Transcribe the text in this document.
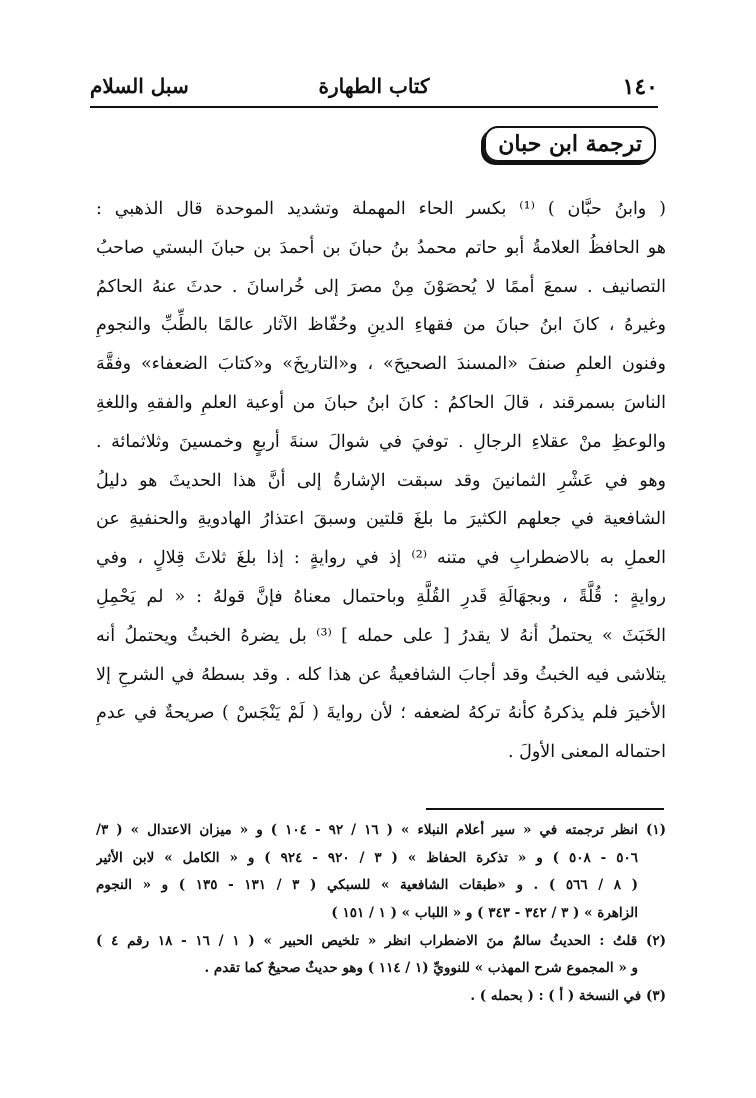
١٤٠
كتاب الطهارة
سبل السلام
ترجمة ابن حبان
( وابنُ حبَّان ) ⁽¹⁾ بكسر الحاء المهملة وتشديد الموحدة قال الذهبي :
هو الحافظُ العلامةُ أبو حاتم محمدُ بنُ حبانَ بن أحمدَ بن حبانَ البستي صاحبُ
التصانيف . سمعَ أممًا لا يُحصَوْنَ مِنْ مصرَ إلى خُراسانَ . حدثَ عنهُ الحاكمُ
وغيرهُ ، كانَ ابنُ حبانَ من فقهاءِ الدينِ وحُفّاظ الآثار عالمًا بالطِّبِّ والنجومِ
وفنون العلمِ صنفَ «المسندَ الصحيحَ» ، و«التاريخَ» و«كتابَ الضعفاء» وفقَّهَ
الناسَ بسمرقند ، قالَ الحاكمُ : كانَ ابنُ حبانَ من أوعية العلمِ والفقهِ واللغةِ
والوعظِ منْ عقلاءِ الرجالِ . توفيَ في شوالَ سنةَ أربعٍ وخمسينَ وثلاثمائة .
وهو في عَشْرِ الثمانينَ وقد سبقت الإشارةُ إلى أنَّ هذا الحديثَ هو دليلُ
الشافعية في جعلهم الكثيرَ ما بلغَ قلتين وسبقَ اعتذارُ الهادويةِ والحنفيةِ عن
العملِ به بالاضطرابِ في متنه ⁽²⁾ إذ في روايةٍ : إذا بلغَ ثلاثَ قِلالٍ ، وفي
روايةٍ : قُلَّةً ، وبجهَالَةِ قَدرِ القُلَّةِ وباحتمال معناهُ فإنَّ قولهُ : « لم يَحْمِلِ
الخَبَثَ » يحتملُ أنهُ لا يقدرُ [ على حمله ] ⁽³⁾ بل يضرهُ الخبثُ ويحتملُ أنه
يتلاشى فيه الخبثُ وقد أجابَ الشافعيةُ عن هذا كله . وقد بسطهُ في الشرحِ إلا
الأخيرَ فلم يذكرهُ كأنهُ تركهُ لضعفه ؛ لأن روايةَ ( لَمْ يَنْجَسْ ) صريحةٌ في عدمِ
احتماله المعنى الأولَ .
(١) انظر ترجمته في « سير أعلام النبلاء » ( ١٦ / ٩٢ - ١٠٤ ) و « ميزان الاعتدال » ( ٣/
٥٠٦ - ٥٠٨ ) و « تذكرة الحفاظ » ( ٣ / ٩٢٠ - ٩٢٤ ) و « الكامل » لابن الأثير
( ٨ / ٥٦٦ ) . و «طبقات الشافعية » للسبكي ( ٣ / ١٣١ - ١٣٥ ) و « النجوم
الزاهرة » ( ٣ / ٣٤٢ - ٣٤٣ ) و « اللباب » ( ١ / ١٥١ )
(٢) قلتُ : الحديثُ سالمٌ منَ الاضطراب انظر « تلخيص الحبير » ( ١ / ١٦ - ١٨ رقم ٤ )
و « المجموع شرح المهذب » للنوويِّ (١ / ١١٤ ) وهو حديثٌ صحيحٌ كما تقدم .
(٣) في النسخة ( أ ) : ( بحمله ) .
